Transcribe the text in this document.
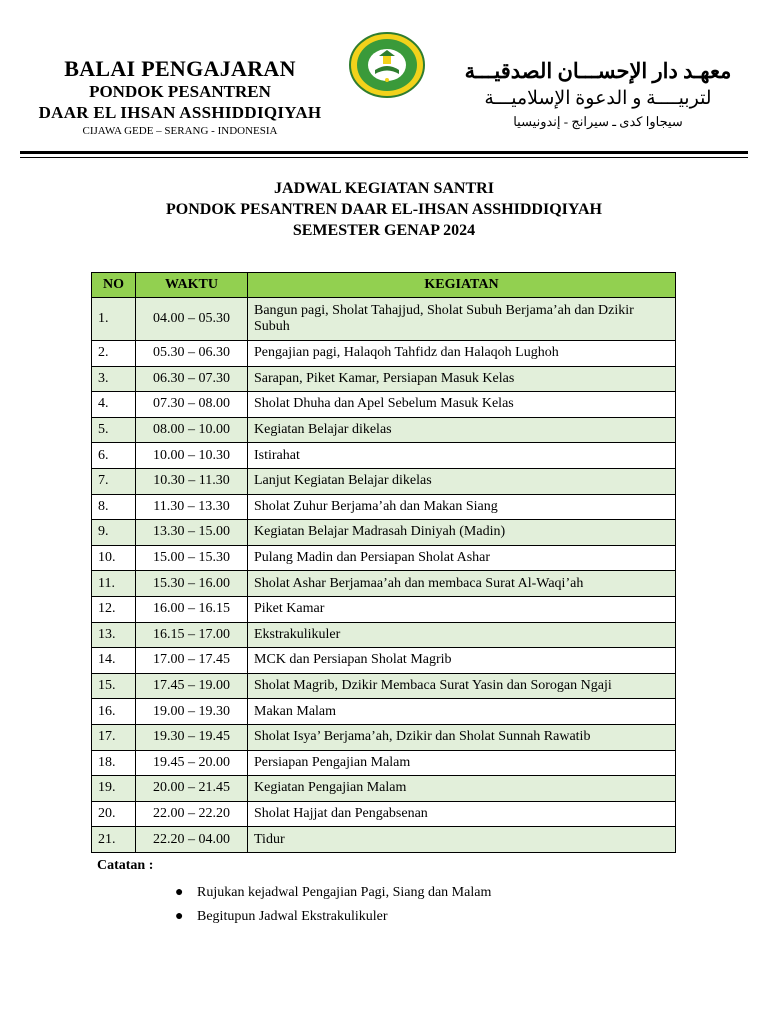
BALAI PENGAJARAN
PONDOK PESANTREN
DAAR EL IHSAN ASSHIDDIQIYAH
CIJAWA GEDE – SERANG - INDONESIA
معهـد دار الإحســـان الصدقيـــة
لتربيــــة و الدعوة الإسلاميـــة
سيجاوا كدى ـ سيرانج - إندونيسيا
JADWAL KEGIATAN SANTRI
PONDOK PESANTREN DAAR EL-IHSAN ASSHIDDIQIYAH
SEMESTER GENAP 2024
NO	WAKTU	KEGIATAN
1.	04.00 – 05.30	Bangun pagi, Sholat Tahajjud, Sholat Subuh Berjama’ah dan Dzikir Subuh
2.	05.30 – 06.30	Pengajian pagi, Halaqoh Tahfidz dan Halaqoh Lughoh
3.	06.30 – 07.30	Sarapan, Piket Kamar, Persiapan Masuk Kelas
4.	07.30 – 08.00	Sholat Dhuha dan Apel Sebelum Masuk Kelas
5.	08.00 – 10.00	Kegiatan Belajar dikelas
6.	10.00 – 10.30	Istirahat
7.	10.30 – 11.30	Lanjut Kegiatan Belajar dikelas
8.	11.30 – 13.30	Sholat Zuhur Berjama’ah dan Makan Siang
9.	13.30 – 15.00	Kegiatan Belajar Madrasah Diniyah (Madin)
10.	15.00 – 15.30	Pulang Madin dan Persiapan Sholat Ashar
11.	15.30 – 16.00	Sholat Ashar Berjamaa’ah dan membaca Surat Al-Waqi’ah
12.	16.00 – 16.15	Piket Kamar
13.	16.15 – 17.00	Ekstrakulikuler
14.	17.00 – 17.45	MCK dan Persiapan Sholat Magrib
15.	17.45 – 19.00	Sholat Magrib, Dzikir Membaca Surat Yasin dan Sorogan Ngaji
16.	19.00 – 19.30	Makan Malam
17.	19.30 – 19.45	Sholat Isya’ Berjama’ah, Dzikir dan Sholat Sunnah Rawatib
18.	19.45 – 20.00	Persiapan Pengajian Malam
19.	20.00 – 21.45	Kegiatan Pengajian Malam
20.	22.00 – 22.20	Sholat Hajjat dan Pengabsenan
21.	22.20 – 04.00	Tidur
Catatan :
● Rujukan kejadwal Pengajian Pagi, Siang dan Malam
● Begitupun Jadwal Ekstrakulikuler
